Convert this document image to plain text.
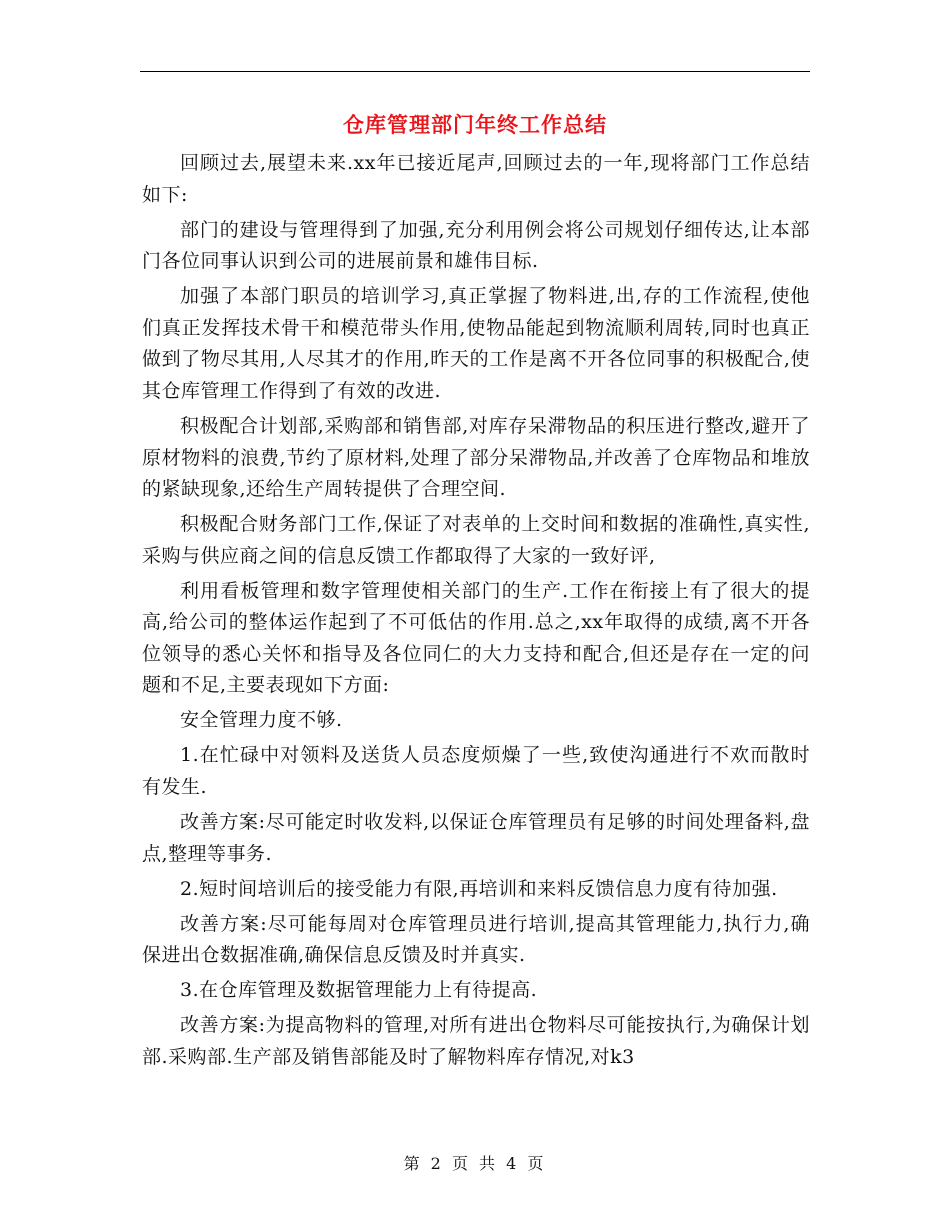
仓库管理部门年终工作总结

回顾过去,展望未来.xx年已接近尾声,回顾过去的一年,现将部门工作总结如下:

部门的建设与管理得到了加强,充分利用例会将公司规划仔细传达,让本部门各位同事认识到公司的进展前景和雄伟目标.

加强了本部门职员的培训学习,真正掌握了物料进,出,存的工作流程,使他们真正发挥技术骨干和模范带头作用,使物品能起到物流顺利周转,同时也真正做到了物尽其用,人尽其才的作用,昨天的工作是离不开各位同事的积极配合,使其仓库管理工作得到了有效的改进.

积极配合计划部,采购部和销售部,对库存呆滞物品的积压进行整改,避开了原材物料的浪费,节约了原材料,处理了部分呆滞物品,并改善了仓库物品和堆放的紧缺现象,还给生产周转提供了合理空间.

积极配合财务部门工作,保证了对表单的上交时间和数据的准确性,真实性,采购与供应商之间的信息反馈工作都取得了大家的一致好评,

利用看板管理和数字管理使相关部门的生产.工作在衔接上有了很大的提高,给公司的整体运作起到了不可低估的作用.总之,xx年取得的成绩,离不开各位领导的悉心关怀和指导及各位同仁的大力支持和配合,但还是存在一定的问题和不足,主要表现如下方面:

安全管理力度不够.

1.在忙碌中对领料及送货人员态度烦燥了一些,致使沟通进行不欢而散时有发生.

改善方案:尽可能定时收发料,以保证仓库管理员有足够的时间处理备料,盘点,整理等事务.

2.短时间培训后的接受能力有限,再培训和来料反馈信息力度有待加强.

改善方案:尽可能每周对仓库管理员进行培训,提高其管理能力,执行力,确保进出仓数据准确,确保信息反馈及时并真实.

3.在仓库管理及数据管理能力上有待提高.

改善方案:为提高物料的管理,对所有进出仓物料尽可能按执行,为确保计划部.采购部.生产部及销售部能及时了解物料库存情况,对k3

第 2 页 共 4 页
